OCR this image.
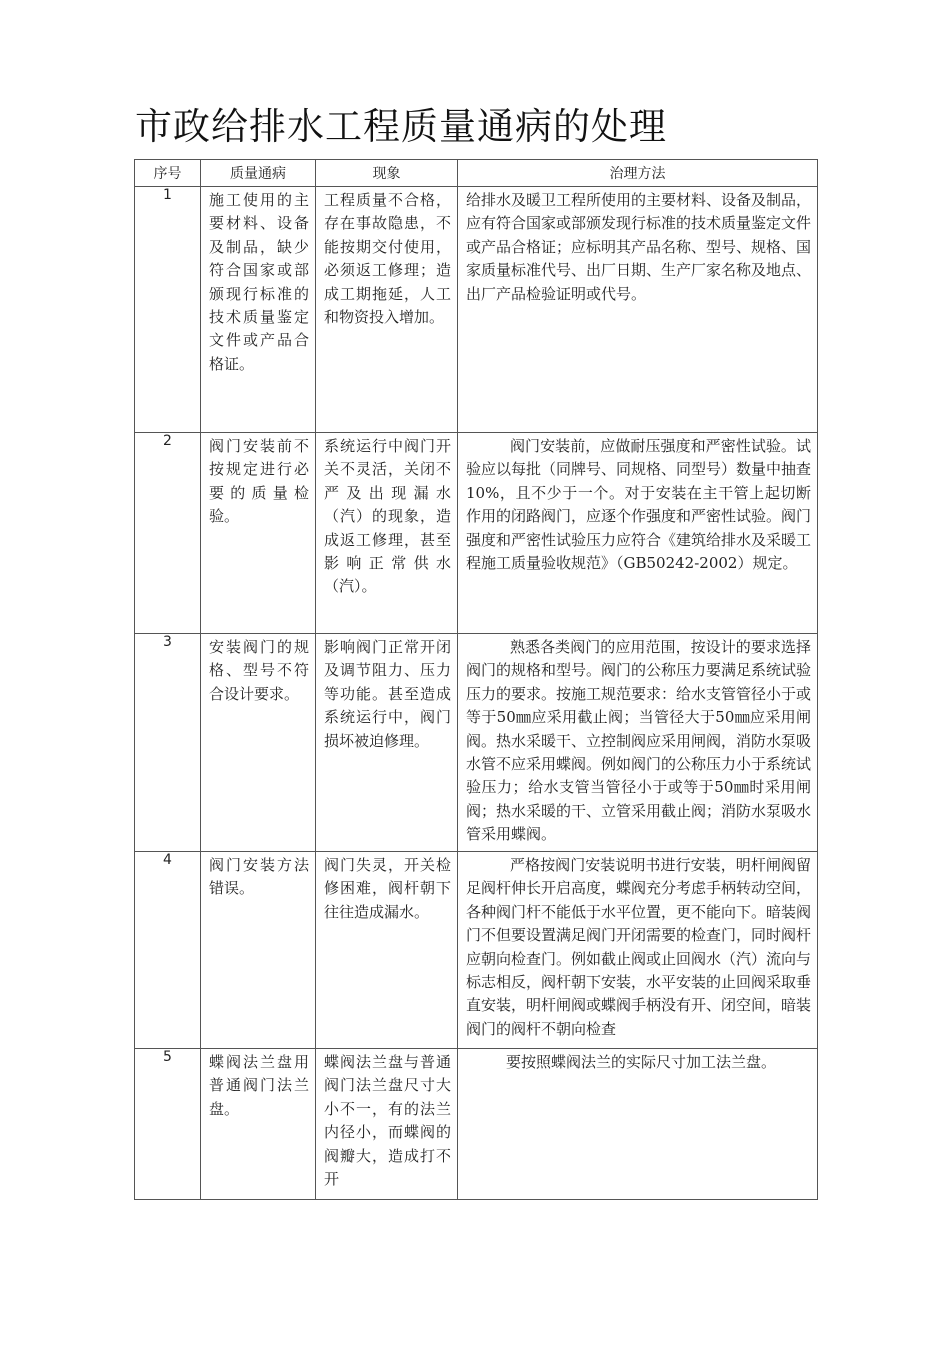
市政给排水工程质量通病的处理
序号	质量通病	现象	治理方法
1	施工使用的主要材料、设备及制品，缺少符合国家或部颁现行标准的技术质量鉴定文件或产品合格证。	工程质量不合格，存在事故隐患，不能按期交付使用，必须返工修理；造成工期拖延，人工和物资投入增加。	给排水及暖卫工程所使用的主要材料、设备及制品，应有符合国家或部颁发现行标准的技术质量鉴定文件或产品合格证；应标明其产品名称、型号、规格、国家质量标准代号、出厂日期、生产厂家名称及地点、出厂产品检验证明或代号。

2	阀门安装前不按规定进行必要的质量检验。	系统运行中阀门开关不灵活，关闭不严及出现漏水（汽）的现象，造成返工修理，甚至影响正常供水（汽）。	阀门安装前，应做耐压强度和严密性试验。试验应以每批（同牌号、同规格、同型号）数量中抽查10%，且不少于一个。对于安装在主干管上起切断作用的闭路阀门，应逐个作强度和严密性试验。阀门强度和严密性试验压力应符合《建筑给排水及采暖工程施工质量验收规范》（GB50242-2002）规定。

3	安装阀门的规格、型号不符合设计要求。	影响阀门正常开闭及调节阻力、压力等功能。甚至造成系统运行中，阀门损坏被迫修理。	熟悉各类阀门的应用范围，按设计的要求选择阀门的规格和型号。阀门的公称压力要满足系统试验压力的要求。按施工规范要求：给水支管管径小于或等于50㎜应采用截止阀；当管径大于50㎜应采用闸阀。热水采暖干、立控制阀应采用闸阀，消防水泵吸水管不应采用蝶阀。例如阀门的公称压力小于系统试验压力；给水支管当管径小于或等于50㎜时采用闸阀；热水采暖的干、立管采用截止阀；消防水泵吸水管采用蝶阀。

4	阀门安装方法错误。	阀门失灵，开关检修困难，阀杆朝下往往造成漏水。	严格按阀门安装说明书进行安装，明杆闸阀留足阀杆伸长开启高度，蝶阀充分考虑手柄转动空间，各种阀门杆不能低于水平位置，更不能向下。暗装阀门不但要设置满足阀门开闭需要的检查门，同时阀杆应朝向检查门。例如截止阀或止回阀水（汽）流向与标志相反，阀杆朝下安装，水平安装的止回阀采取垂直安装，明杆闸阀或蝶阀手柄没有开、闭空间，暗装阀门的阀杆不朝向检查

5	蝶阀法兰盘用普通阀门法兰盘。	蝶阀法兰盘与普通阀门法兰盘尺寸大小不一，有的法兰内径小，而蝶阀的阀瓣大，造成打不开	要按照蝶阀法兰的实际尺寸加工法兰盘。
